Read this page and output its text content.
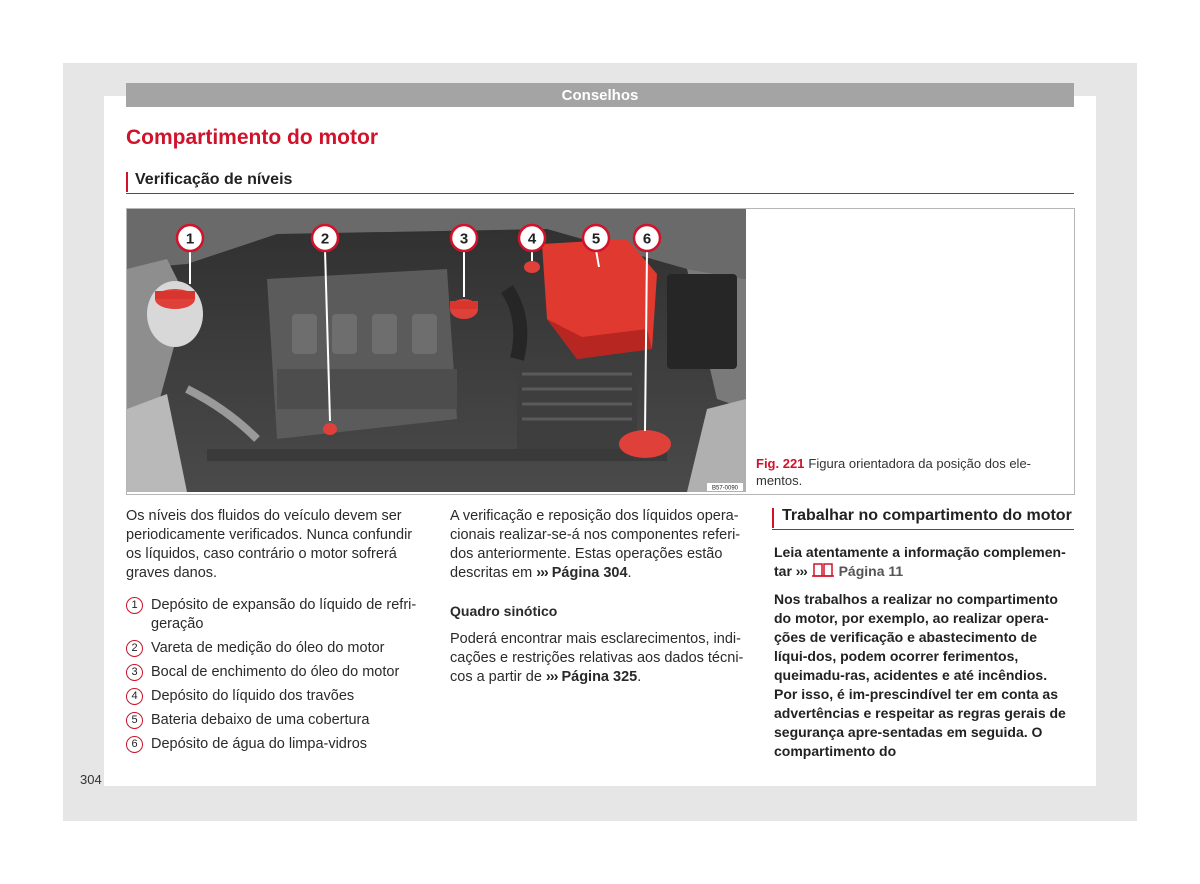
Conselhos
Compartimento do motor
Verificação de níveis
1	2	3	4	5	6
B57-0090
Fig. 221 Figura orientadora da posição dos ele-mentos.

Os níveis dos fluidos do veículo devem ser periodicamente verificados. Nunca confundir os líquidos, caso contrário o motor sofrerá graves danos.

1 Depósito de expansão do líquido de refri-geração
2 Vareta de medição do óleo do motor
3 Bocal de enchimento do óleo do motor
4 Depósito do líquido dos travões
5 Bateria debaixo de uma cobertura
6 Depósito de água do limpa-vidros

A verificação e reposição dos líquidos opera-cionais realizar-se-á nos componentes referi-dos anteriormente. Estas operações estão descritas em ››› Página 304.

Quadro sinótico

Poderá encontrar mais esclarecimentos, indi-cações e restrições relativas aos dados técni-cos a partir de ››› Página 325.

Trabalhar no compartimento do motor

Leia atentamente a informação complemen-tar ››› Página 11

Nos trabalhos a realizar no compartimento do motor, por exemplo, ao realizar opera-ções de verificação e abastecimento de líqui-dos, podem ocorrer ferimentos, queimadu-ras, acidentes e até incêndios. Por isso, é im-prescindível ter em conta as advertências e respeitar as regras gerais de segurança apre-sentadas em seguida. O compartimento do

304
